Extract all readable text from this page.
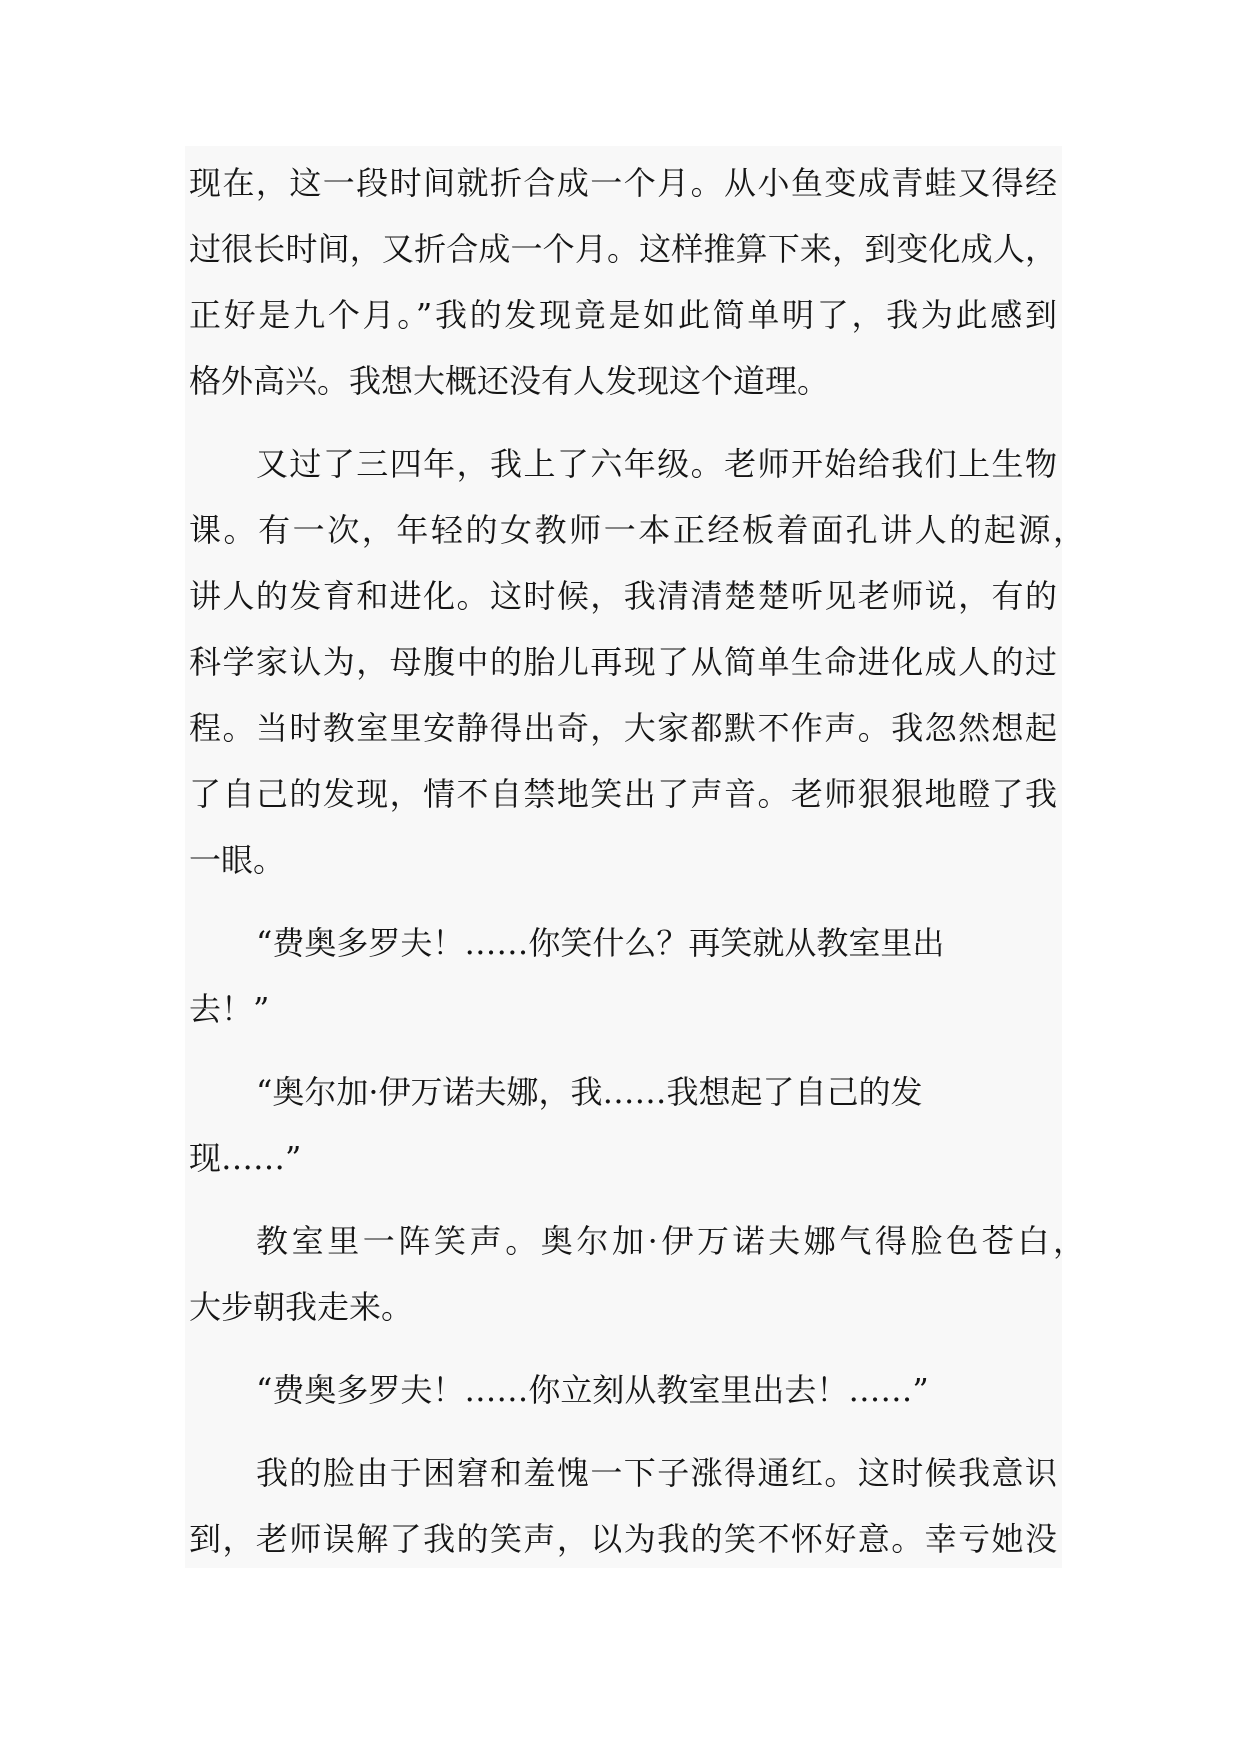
现在，这一段时间就折合成一个月。从小鱼变成青蛙又得经
过很长时间，又折合成一个月。这样推算下来，到变化成人，
正好是九个月。”我的发现竟是如此简单明了，我为此感到
格外高兴。我想大概还没有人发现这个道理。
又过了三四年，我上了六年级。老师开始给我们上生物
课。有一次，年轻的女教师一本正经板着面孔讲人的起源，
讲人的发育和进化。这时候，我清清楚楚听见老师说，有的
科学家认为，母腹中的胎儿再现了从简单生命进化成人的过
程。当时教室里安静得出奇，大家都默不作声。我忽然想起
了自己的发现，情不自禁地笑出了声音。老师狠狠地瞪了我
一眼。
“费奥多罗夫！……你笑什么？再笑就从教室里出
去！”
“奥尔加·伊万诺夫娜，我……我想起了自己的发
现……”
教室里一阵笑声。奥尔加·伊万诺夫娜气得脸色苍白，
大步朝我走来。
“费奥多罗夫！……你立刻从教室里出去！……”
我的脸由于困窘和羞愧一下子涨得通红。这时候我意识
到，老师误解了我的笑声，以为我的笑不怀好意。幸亏她没
